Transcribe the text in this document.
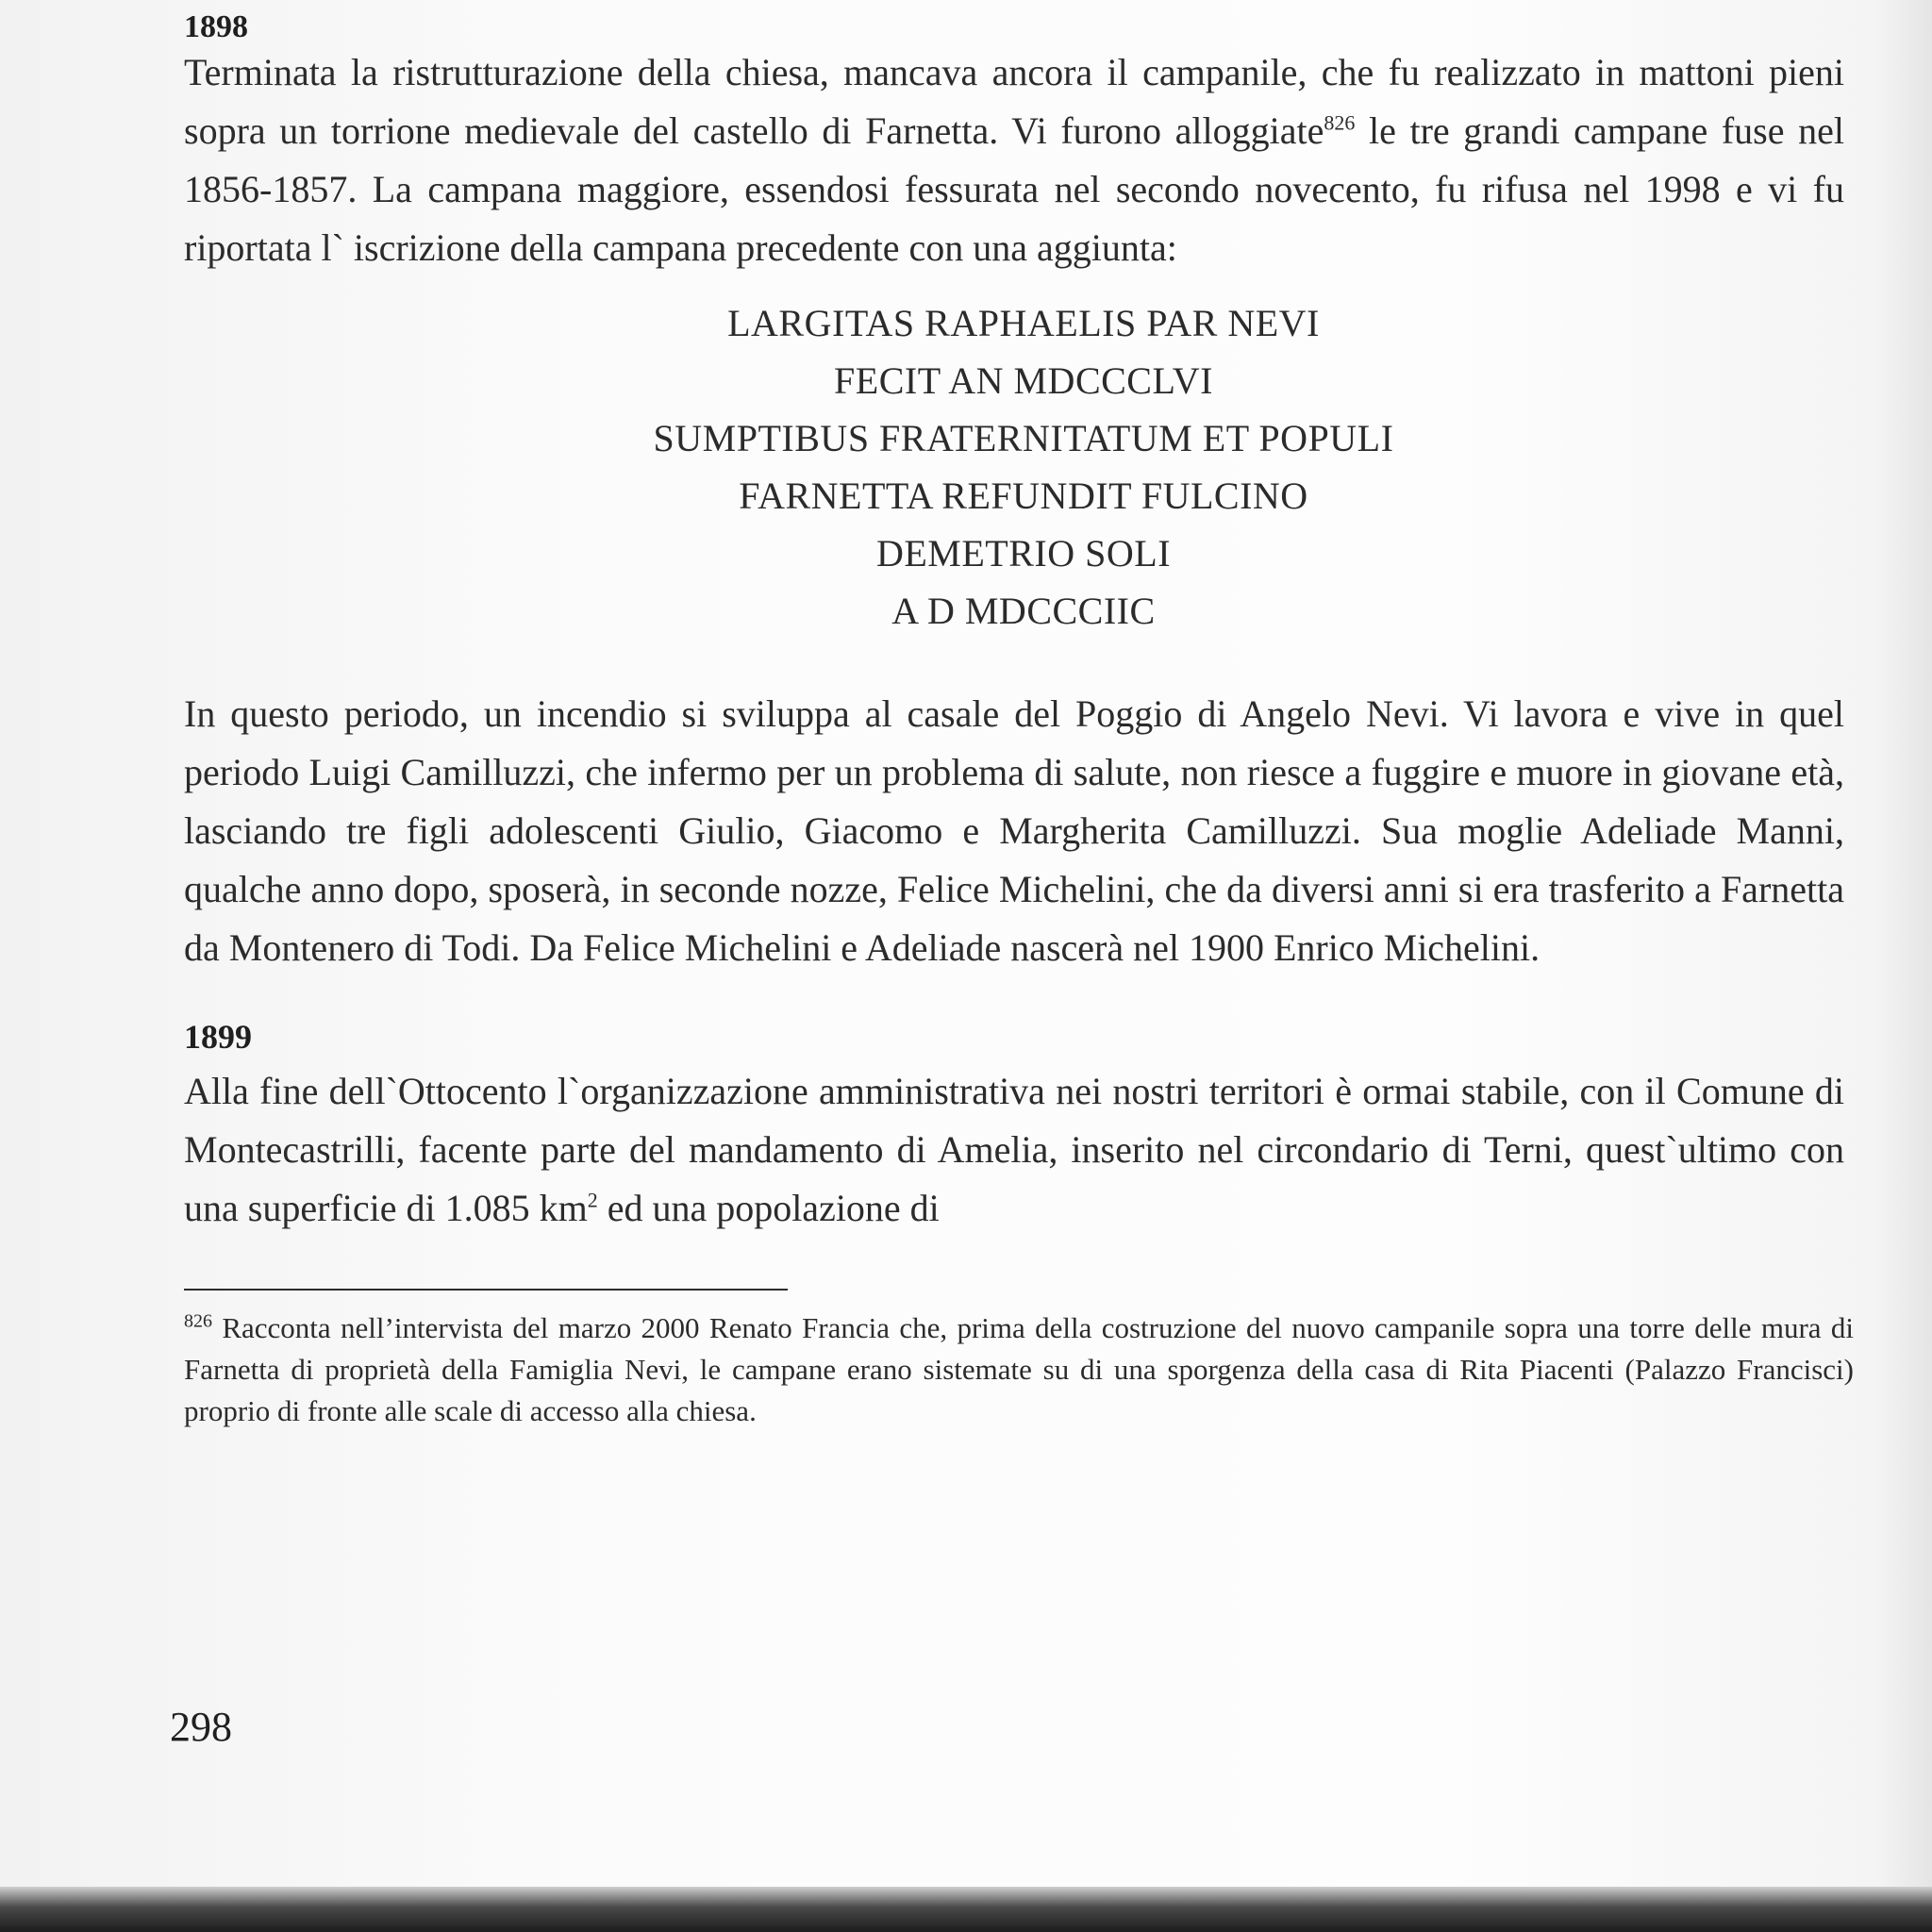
1898

Terminata la ristrutturazione della chiesa, mancava ancora il campanile, che fu realizzato in mattoni pieni sopra un torrione medievale del castello di Farnetta. Vi furono alloggiate$^{826}$ le tre grandi campane fuse nel 1856-1857. La campana maggiore, essendosi fessurata nel secondo novecento, fu rifusa nel 1998 e vi fu riportata l` iscrizione della campana precedente con una aggiunta:

LARGITAS RAPHAELIS PAR NEVI
FECIT AN MDCCCLVI
SUMPTIBUS FRATERNITATUM ET POPULI
FARNETTA REFUNDIT FULCINO
DEMETRIO SOLI
A D MDCCCIIC

In questo periodo, un incendio si sviluppa al casale del Poggio di Angelo Nevi. Vi lavora e vive in quel periodo Luigi Camilluzzi, che infermo per un problema di salute, non riesce a fuggire e muore in giovane età, lasciando tre figli adolescenti Giulio, Giacomo e Margherita Camilluzzi. Sua moglie Adeliade Manni, qualche anno dopo, sposerà, in seconde nozze, Felice Michelini, che da diversi anni si era trasferito a Farnetta da Montenero di Todi. Da Felice Michelini e Adeliade nascerà nel 1900 Enrico Michelini.

1899

Alla fine dell`Ottocento l`organizzazione amministrativa nei nostri territori è ormai stabile, con il Comune di Montecastrilli, facente parte del mandamento di Amelia, inserito nel circondario di Terni, quest`ultimo con una superficie di 1.085 $km^2$ ed una popolazione di

$^{826}$ Racconta nell’intervista del marzo 2000 Renato Francia che, prima della costruzione del nuovo campanile sopra una torre delle mura di Farnetta di proprietà della Famiglia Nevi, le campane erano sistemate su di una sporgenza della casa di Rita Piacenti (Palazzo Francisci) proprio di fronte alle scale di accesso alla chiesa.

298
